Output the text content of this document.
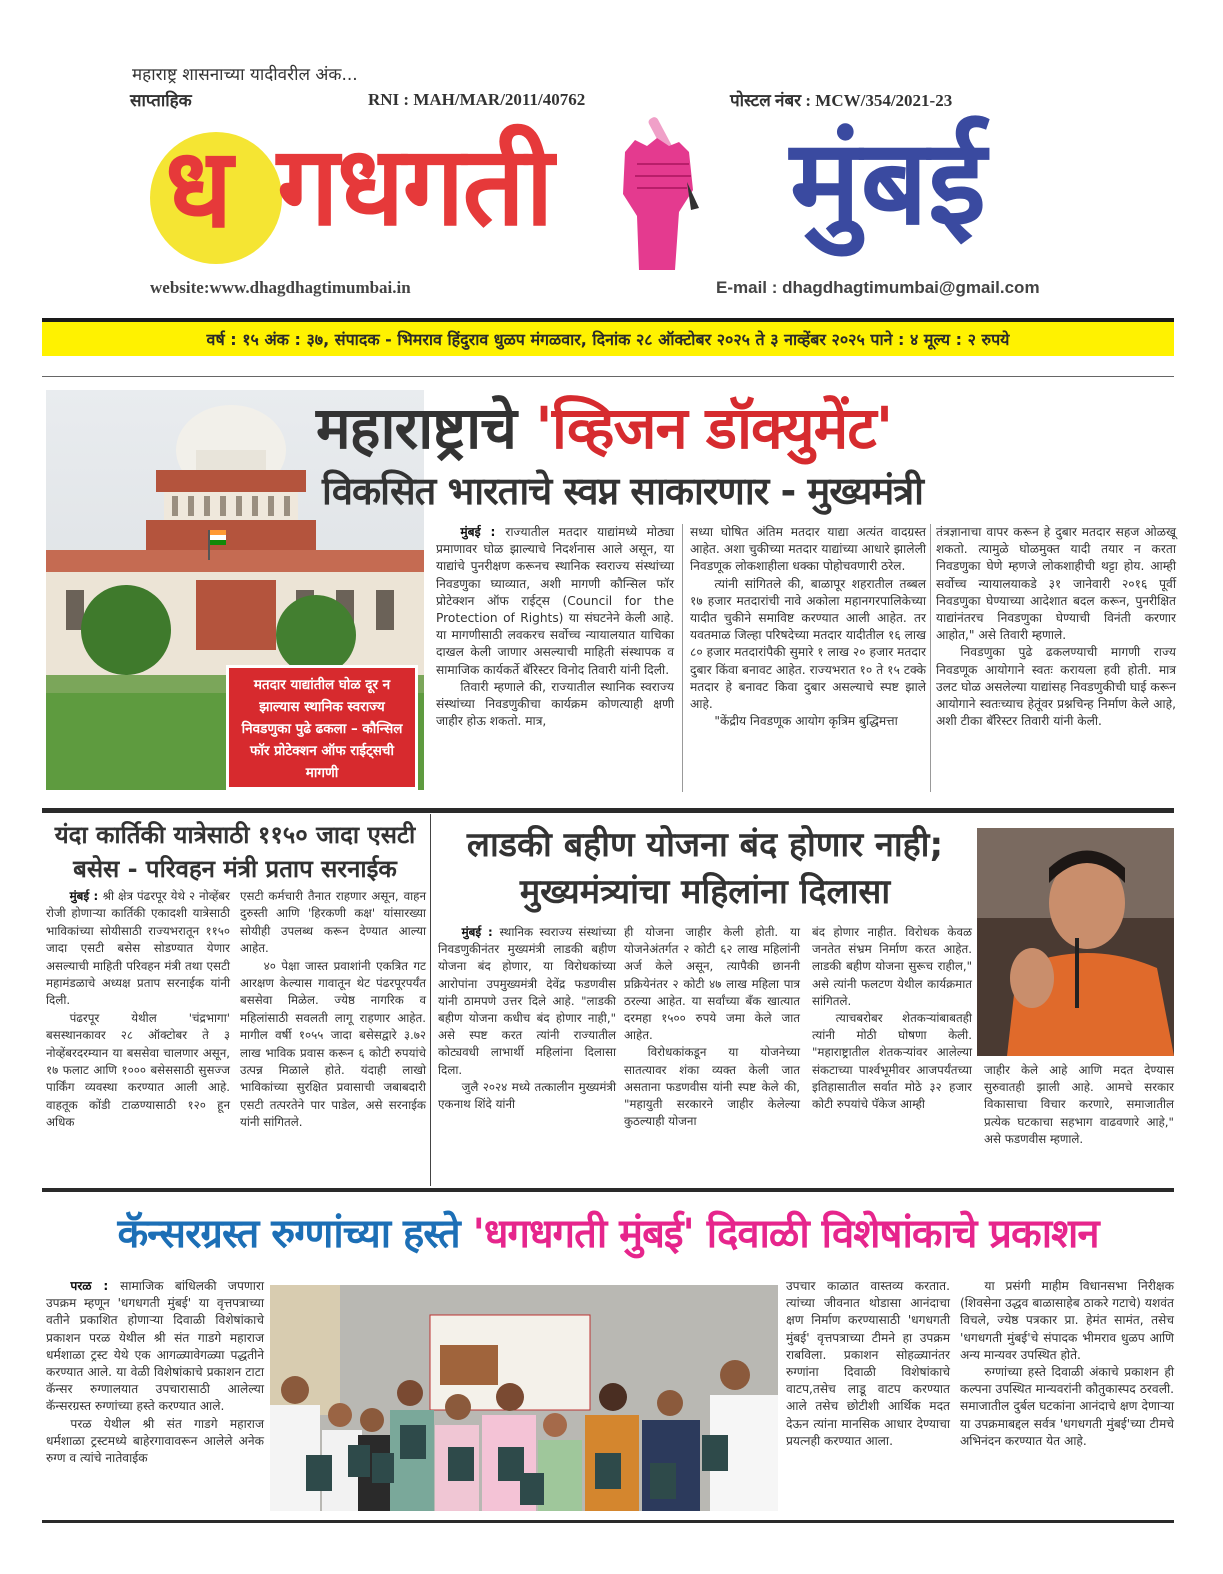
महाराष्ट्र शासनाच्या यादीवरील अंक...
साप्ताहिक	RNI : MAH/MAR/2011/40762	पोस्टल नंबर : MCW/354/2021-23
ध गधगती मुंबई
website:www.dhagdhagtimumbai.in	E-mail : dhagdhagtimumbai@gmail.com
वर्ष : १५ अंक : ३७, संपादक - भिमराव हिंदुराव धुळप मंगळवार, दिनांक २८ ऑक्टोबर २०२५ ते ३ नाव्हेंबर २०२५ पाने : ४ मूल्य : २ रुपये
मतदार याद्यांतील घोळ दूर न झाल्यास स्थानिक स्वराज्य निवडणुका पुढे ढकला – कौन्सिल फॉर प्रोटेक्शन ऑफ राईट्सची मागणी
महाराष्ट्राचे 'व्हिजन डॉक्युमेंट'
विकसित भारताचे स्वप्न साकारणार - मुख्यमंत्री

मुंबई : राज्यातील मतदार याद्यांमध्ये मोठ्या प्रमाणावर घोळ झाल्याचे निदर्शनास आले असून, या याद्यांचे पुनरीक्षण करूनच स्थानिक स्वराज्य संस्थांच्या निवडणुका घ्याव्यात, अशी मागणी कौन्सिल फॉर प्रोटेक्शन ऑफ राईट्स (Council for the Protection of Rights) या संघटनेने केली आहे. या मागणीसाठी लवकरच सर्वोच्च न्यायालयात याचिका दाखल केली जाणार असल्याची माहिती संस्थापक व सामाजिक कार्यकर्ते बॅरिस्टर विनोद तिवारी यांनी दिली.

तिवारी म्हणाले की, राज्यातील स्थानिक स्वराज्य संस्थांच्या निवडणुकीचा कार्यक्रम कोणत्याही क्षणी जाहीर होऊ शकतो. मात्र,

सध्या घोषित अंतिम मतदार याद्या अत्यंत वादग्रस्त आहेत. अशा चुकीच्या मतदार याद्यांच्या आधारे झालेली निवडणूक लोकशाहीला धक्का पोहोचवणारी ठरेल.

त्यांनी सांगितले की, बाळापूर शहरातील तब्बल १७ हजार मतदारांची नावे अकोला महानगरपालिकेच्या यादीत चुकीने समाविष्ट करण्यात आली आहेत. तर यवतमाळ जिल्हा परिषदेच्या मतदार यादीतील १६ लाख ८० हजार मतदारांपैकी सुमारे १ लाख २० हजार मतदार दुबार किंवा बनावट आहेत. राज्यभरात १० ते १५ टक्के मतदार हे बनावट किवा दुबार असल्याचे स्पष्ट झाले आहे.

"केंद्रीय निवडणूक आयोग कृत्रिम बुद्धिमत्ता

तंत्रज्ञानाचा वापर करून हे दुबार मतदार सहज ओळखू शकतो. त्यामुळे घोळमुक्त यादी तयार न करता निवडणुका घेणे म्हणजे लोकशाहीची थट्टा होय. आम्ही सर्वोच्च न्यायालयाकडे ३१ जानेवारी २०१६ पूर्वी निवडणुका घेण्याच्या आदेशात बदल करून, पुनरीक्षित याद्यांनंतरच निवडणुका घेण्याची विनंती करणार आहोत," असे तिवारी म्हणाले.

निवडणुका पुढे ढकलण्याची मागणी राज्य निवडणूक आयोगाने स्वतः करायला हवी होती. मात्र उलट घोळ असलेल्या याद्यांसह निवडणुकीची घाई करून आयोगाने स्वतःच्याच हेतूंवर प्रश्नचिन्ह निर्माण केले आहे, अशी टीका बॅरिस्टर तिवारी यांनी केली.

यंदा कार्तिकी यात्रेसाठी ११५० जादा एसटी बसेस - परिवहन मंत्री प्रताप सरनाईक

मुंबई : श्री क्षेत्र पंढरपूर येथे २ नोव्हेंबर रोजी होणाऱ्या कार्तिकी एकादशी यात्रेसाठी भाविकांच्या सोयीसाठी राज्यभरातून ११५० जादा एसटी बसेस सोडण्यात येणार असल्याची माहिती परिवहन मंत्री तथा एसटी महामंडळाचे अध्यक्ष प्रताप सरनाईक यांनी दिली.

पंढरपूर येथील 'चंद्रभागा' बसस्थानकावर २८ ऑक्टोबर ते ३ नोव्हेंबरदरम्यान या बससेवा चालणार असून, १७ फलाट आणि १००० बसेससाठी सुसज्ज पार्किंग व्यवस्था करण्यात आली आहे. वाहतूक कोंडी टाळण्यासाठी १२० हून अधिक

एसटी कर्मचारी तैनात राहणार असून, वाहन दुरुस्ती आणि 'हिरकणी कक्ष' यांसारख्या सोयीही उपलब्ध करून देण्यात आल्या आहेत.

४० पेक्षा जास्त प्रवाशांनी एकत्रित गट आरक्षण केल्यास गावातून थेट पंढरपूरपर्यंत बससेवा मिळेल. ज्येष्ठ नागरिक व महिलांसाठी सवलती लागू राहणार आहेत. मागील वर्षी १०५५ जादा बसेसद्वारे ३.७२ लाख भाविक प्रवास करून ६ कोटी रुपयांचे उत्पन्न मिळाले होते. यंदाही लाखो भाविकांच्या सुरक्षित प्रवासाची जबाबदारी एसटी तत्परतेने पार पाडेल, असे सरनाईक यांनी सांगितले.

लाडकी बहीण योजना बंद होणार नाही; मुख्यमंत्र्यांचा महिलांना दिलासा

मुंबई : स्थानिक स्वराज्य संस्थांच्या निवडणुकीनंतर मुख्यमंत्री लाडकी बहीण योजना बंद होणार, या विरोधकांच्या आरोपांना उपमुख्यमंत्री देवेंद्र फडणवीस यांनी ठामपणे उत्तर दिले आहे. "लाडकी बहीण योजना कधीच बंद होणार नाही," असे स्पष्ट करत त्यांनी राज्यातील कोट्यवधी लाभार्थी महिलांना दिलासा दिला.

जुलै २०२४ मध्ये तत्कालीन मुख्यमंत्री एकनाथ शिंदे यांनी

ही योजना जाहीर केली होती. या योजनेअंतर्गत २ कोटी ६२ लाख महिलांनी अर्ज केले असून, त्यापैकी छाननी प्रक्रियेनंतर २ कोटी ४७ लाख महिला पात्र ठरल्या आहेत. या सर्वांच्या बँक खात्यात दरमहा १५०० रुपये जमा केले जात आहेत.

विरोधकांकडून या योजनेच्या सातत्यावर शंका व्यक्त केली जात असताना फडणवीस यांनी स्पष्ट केले की, "महायुती सरकारने जाहीर केलेल्या कुठल्याही योजना

बंद होणार नाहीत. विरोधक केवळ जनतेत संभ्रम निर्माण करत आहेत. लाडकी बहीण योजना सुरूच राहील," असे त्यांनी फलटण येथील कार्यक्रमात सांगितले.

त्याचबरोबर शेतकऱ्यांबाबतही त्यांनी मोठी घोषणा केली. "महाराष्ट्रातील शेतकऱ्यांवर आलेल्या संकटाच्या पार्श्वभूमीवर आजपर्यंतच्या इतिहासातील सर्वात मोठे ३२ हजार कोटी रुपयांचे पॅकेज आम्ही

जाहीर केले आहे आणि मदत देण्यास सुरुवातही झाली आहे. आमचे सरकार विकासाचा विचार करणारे, समाजातील प्रत्येक घटकाचा सहभाग वाढवणारे आहे," असे फडणवीस म्हणाले.

कॅन्सरग्रस्त रुग्णांच्या हस्ते 'धगधगती मुंबई' दिवाळी विशेषांकाचे प्रकाशन

परळ : सामाजिक बांधिलकी जपणारा उपक्रम म्हणून 'धगधगती मुंबई' या वृत्तपत्राच्या वतीने प्रकाशित होणाऱ्या दिवाळी विशेषांकाचे प्रकाशन परळ येथील श्री संत गाडगे महाराज धर्मशाळा ट्रस्ट येथे एक आगळ्यावेगळ्या पद्धतीने करण्यात आले. या वेळी विशेषांकाचे प्रकाशन टाटा कॅन्सर रुग्णालयात उपचारासाठी आलेल्या कॅन्सरग्रस्त रुग्णांच्या हस्ते करण्यात आले.

परळ येथील श्री संत गाडगे महाराज धर्मशाळा ट्रस्टमध्ये बाहेरगावावरून आलेले अनेक रुग्ण व त्यांचे नातेवाईक

उपचार काळात वास्तव्य करतात. त्यांच्या जीवनात थोडासा आनंदाचा क्षण निर्माण करण्यासाठी 'धगधगती मुंबई' वृत्तपत्राच्या टीमने हा उपक्रम राबविला. प्रकाशन सोहळ्यानंतर रुग्णांना दिवाळी विशेषांकाचे वाटप,तसेच लाडू वाटप करण्यात आले तसेच छोटीशी आर्थिक मदत देऊन त्यांना मानसिक आधार देण्याचा प्रयत्नही करण्यात आला.

या प्रसंगी माहीम विधानसभा निरीक्षक (शिवसेना उद्धव बाळासाहेब ठाकरे गटाचे) यशवंत विचले, ज्येष्ठ पत्रकार प्रा. हेमंत सामंत, तसेच 'धगधगती मुंबई'चे संपादक भीमराव धुळप आणि अन्य मान्यवर उपस्थित होते.

रुग्णांच्या हस्ते दिवाळी अंकाचे प्रकाशन ही कल्पना उपस्थित मान्यवरांनी कौतुकास्पद ठरवली. समाजातील दुर्बल घटकांना आनंदाचे क्षण देणाऱ्या या उपक्रमाबद्दल सर्वत्र 'धगधगती मुंबई'च्या टीमचे अभिनंदन करण्यात येत आहे.
